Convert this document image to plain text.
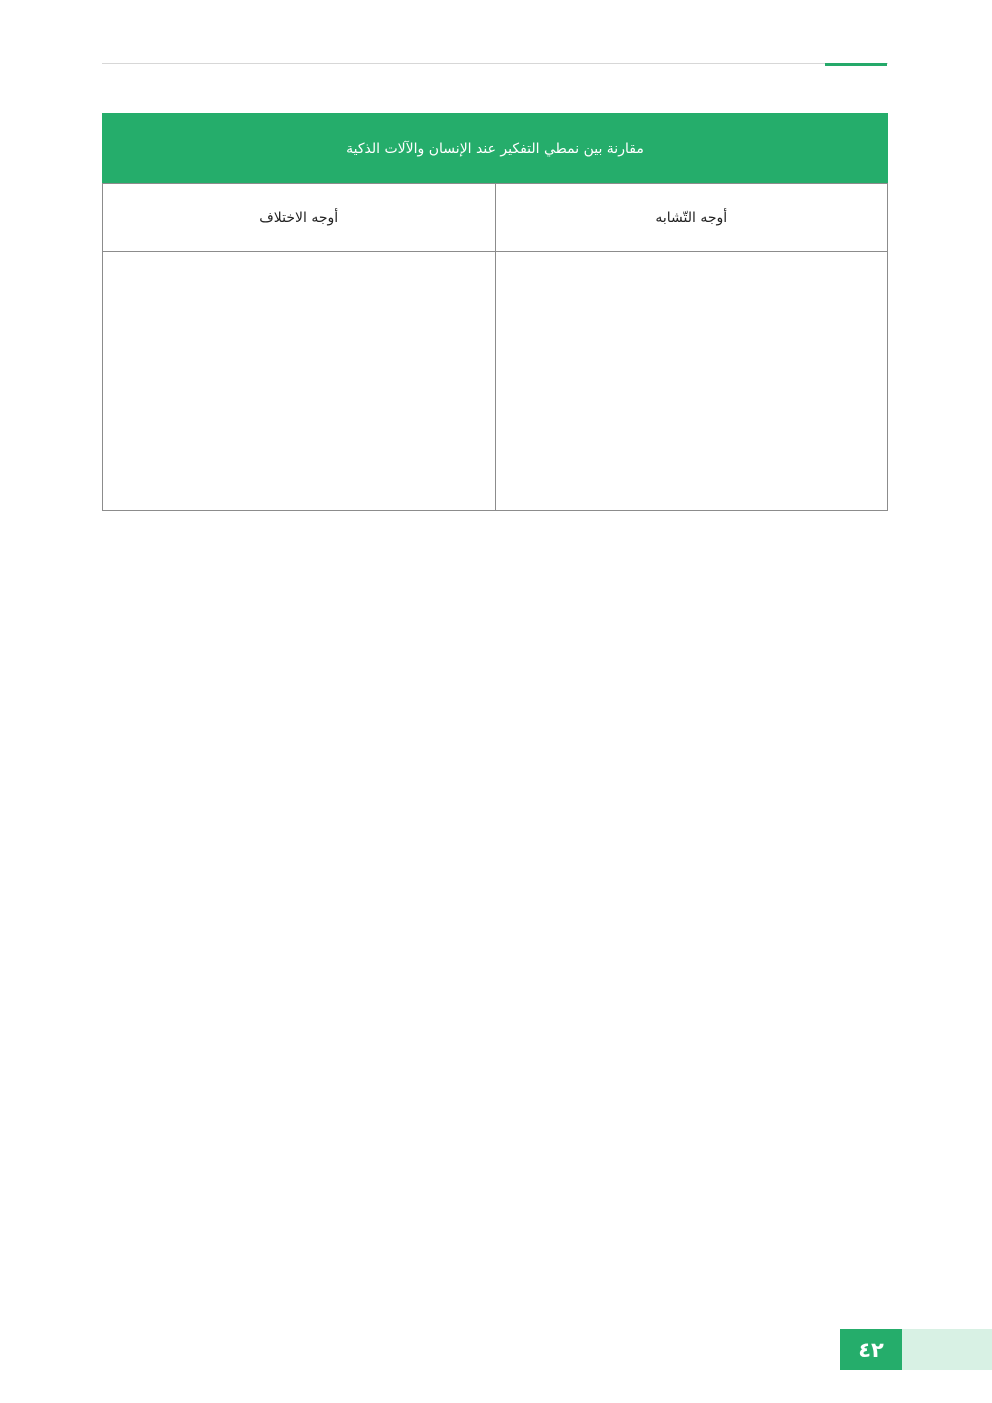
مقارنة بين نمطي التفكير عند الإنسان والآلات الذكية	
أوجه التّشابه	أوجه الاختلاف

٤٢
